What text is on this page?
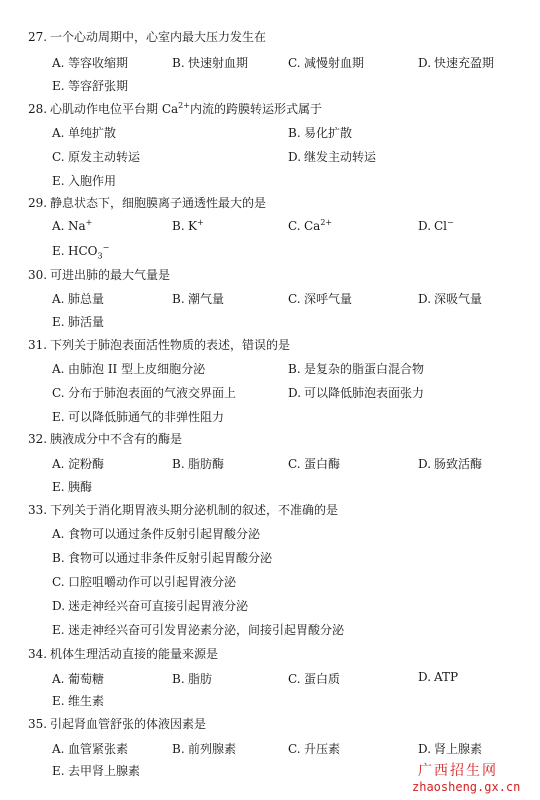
27. 一个心动周期中，心室内最大压力发生在
A. 等容收缩期	B. 快速射血期	C. 减慢射血期	D. 快速充盈期
E. 等容舒张期
28. 心肌动作电位平台期 $Ca^{2+}$内流的跨膜转运形式属于
A. 单纯扩散	B. 易化扩散
C. 原发主动转运	D. 继发主动转运
E. 入胞作用
29. 静息状态下，细胞膜离子通透性最大的是
A. Na+	B. K+	C. $Ca^{2+}$	D. Cl−
E. $HCO_3^-$
30. 可进出肺的最大气量是
A. 肺总量	B. 潮气量	C. 深呼气量	D. 深吸气量
E. 肺活量
31. 下列关于肺泡表面活性物质的表述，错误的是
A. 由肺泡 II 型上皮细胞分泌	B. 是复杂的脂蛋白混合物
C. 分布于肺泡表面的气液交界面上	D. 可以降低肺泡表面张力
E. 可以降低肺通气的非弹性阻力
32. 胰液成分中不含有的酶是
A. 淀粉酶	B. 脂肪酶	C. 蛋白酶	D. 肠致活酶
E. 胰酶
33. 下列关于消化期胃液头期分泌机制的叙述，不准确的是
A. 食物可以通过条件反射引起胃酸分泌
B. 食物可以通过非条件反射引起胃酸分泌
C. 口腔咀嚼动作可以引起胃液分泌
D. 迷走神经兴奋可直接引起胃液分泌
E. 迷走神经兴奋可引发胃泌素分泌，间接引起胃酸分泌
34. 机体生理活动直接的能量来源是
A. 葡萄糖	B. 脂肪	C. 蛋白质	D. ATP
E. 维生素
35. 引起肾血管舒张的体液因素是
A. 血管紧张素	B. 前列腺素	C. 升压素	D. 肾上腺素
E. 去甲肾上腺素	广西招生网
zhaosheng.gx.cn
